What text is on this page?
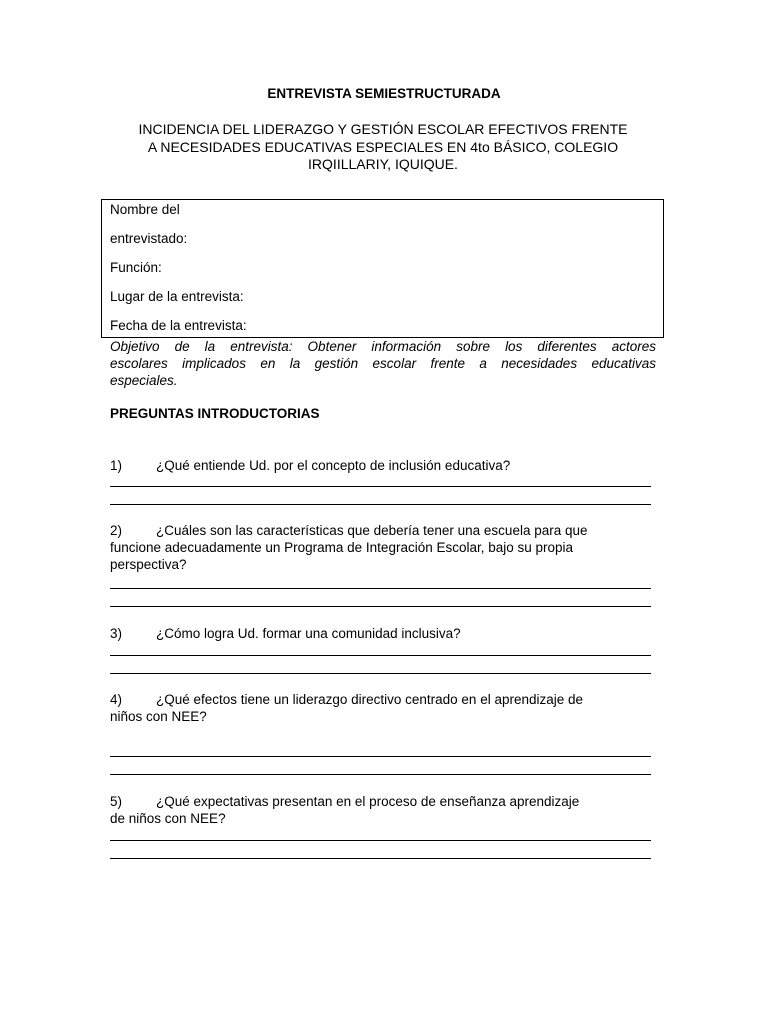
ENTREVISTA SEMIESTRUCTURADA
INCIDENCIA DEL LIDERAZGO Y GESTIÓN ESCOLAR EFECTIVOS FRENTE
A NECESIDADES EDUCATIVAS ESPECIALES EN 4to BÁSICO, COLEGIO
IRQIILLARIY, IQUIQUE.
Nombre del
entrevistado:
Función:
Lugar de la entrevista:
Fecha de la entrevista:
Objetivo de la entrevista: Obtener información sobre los diferentes actores
escolares implicados en la gestión escolar frente a necesidades educativas
especiales.
PREGUNTAS INTRODUCTORIAS
1)	¿Qué entiende Ud. por el concepto de inclusión educativa?
2)	¿Cuáles son las características que debería tener una escuela para que
funcione adecuadamente un Programa de Integración Escolar, bajo su propia
perspectiva?
3)	¿Cómo logra Ud. formar una comunidad inclusiva?
4)	¿Qué efectos tiene un liderazgo directivo centrado en el aprendizaje de
niños con NEE?
5)	¿Qué expectativas presentan en el proceso de enseñanza aprendizaje
de niños con NEE?
